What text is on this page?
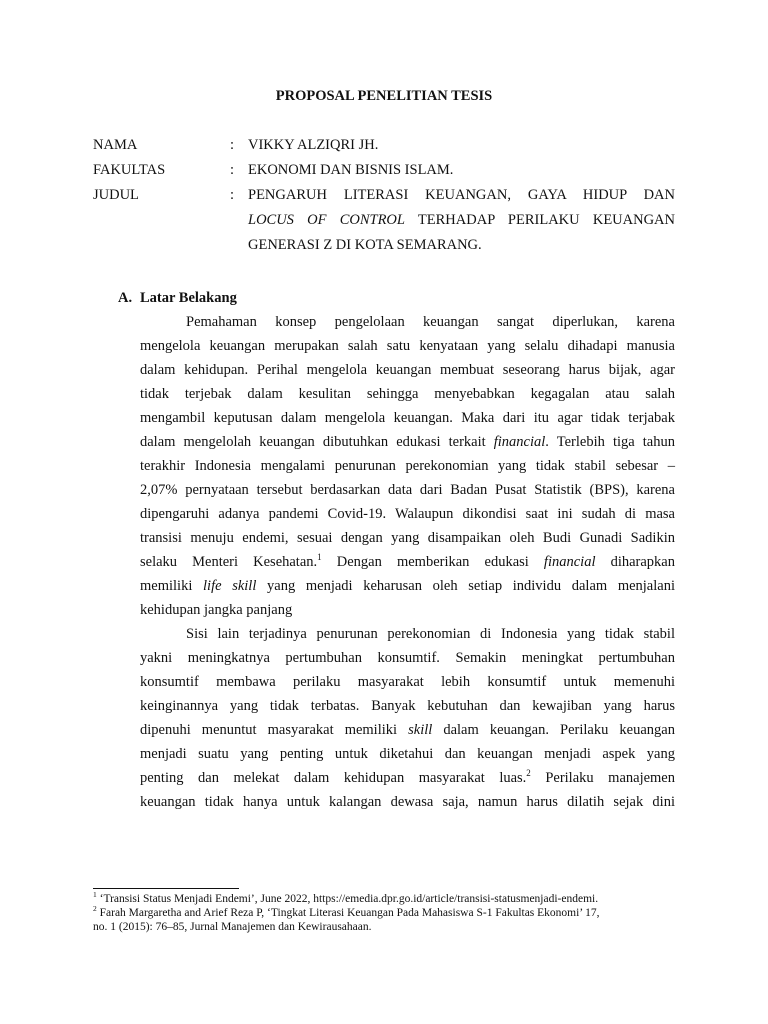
PROPOSAL PENELITIAN TESIS
NAMA	: VIKKY ALZIQRI JH.
FAKULTAS	: EKONOMI DAN BISNIS ISLAM.
JUDUL	: PENGARUH LITERASI KEUANGAN, GAYA HIDUP DAN
LOCUS OF CONTROL TERHADAP PERILAKU KEUANGAN
GENERASI Z DI KOTA SEMARANG.
A. Latar Belakang
Pemahaman konsep pengelolaan keuangan sangat diperlukan, karena
mengelola keuangan merupakan salah satu kenyataan yang selalu dihadapi manusia
dalam kehidupan. Perihal mengelola keuangan membuat seseorang harus bijak, agar
tidak terjebak dalam kesulitan sehingga menyebabkan kegagalan atau salah
mengambil keputusan dalam mengelola keuangan. Maka dari itu agar tidak terjabak
dalam mengelolah keuangan dibutuhkan edukasi terkait financial. Terlebih tiga tahun
terakhir Indonesia mengalami penurunan perekonomian yang tidak stabil sebesar –
2,07% pernyataan tersebut berdasarkan data dari Badan Pusat Statistik (BPS), karena
dipengaruhi adanya pandemi Covid-19. Walaupun dikondisi saat ini sudah di masa
transisi menuju endemi, sesuai dengan yang disampaikan oleh Budi Gunadi Sadikin
selaku Menteri Kesehatan.$^1$ Dengan memberikan edukasi financial diharapkan
memiliki life skill yang menjadi keharusan oleh setiap individu dalam menjalani
kehidupan jangka panjang
Sisi lain terjadinya penurunan perekonomian di Indonesia yang tidak stabil
yakni meningkatnya pertumbuhan konsumtif. Semakin meningkat pertumbuhan
konsumtif membawa perilaku masyarakat lebih konsumtif untuk memenuhi
keinginannya yang tidak terbatas. Banyak kebutuhan dan kewajiban yang harus
dipenuhi menuntut masyarakat memiliki skill dalam keuangan. Perilaku keuangan
menjadi suatu yang penting untuk diketahui dan keuangan menjadi aspek yang
penting dan melekat dalam kehidupan masyarakat luas.$^2$ Perilaku manajemen
keuangan tidak hanya untuk kalangan dewasa saja, namun harus dilatih sejak dini
$^1$ ‘Transisi Status Menjadi Endemi’, June 2022, https://emedia.dpr.go.id/article/transisi-statusmenjadi-endemi.
$^2$ Farah Margaretha and Arief Reza P, ‘Tingkat Literasi Keuangan Pada Mahasiswa S-1 Fakultas Ekonomi’ 17,
no. 1 (2015): 76–85, Jurnal Manajemen dan Kewirausahaan.
